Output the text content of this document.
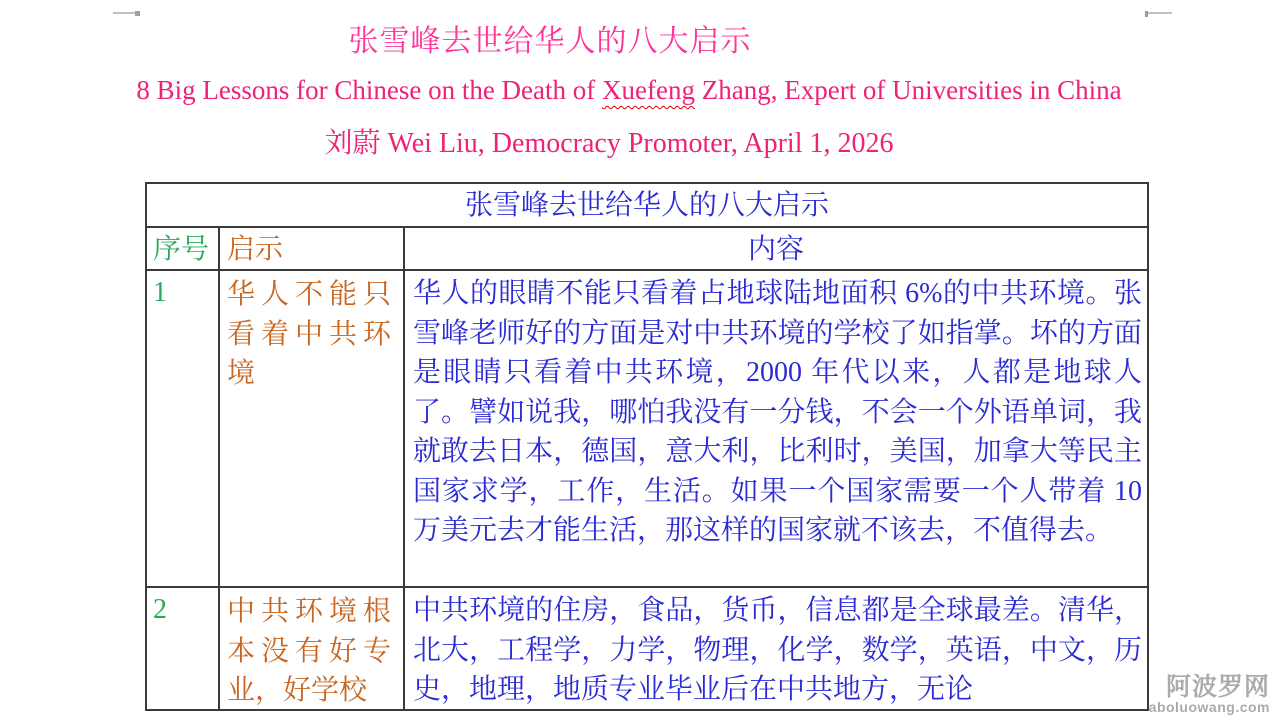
张雪峰去世给华人的八大启示
8 Big Lessons for Chinese on the Death of Xuefeng Zhang, Expert of Universities in China
刘蔚 Wei Liu, Democracy Promoter, April 1, 2026
张雪峰去世给华人的八大启示		
序号	启示	内容
1	华人不能只看着中共环境	华人的眼睛不能只看着占地球陆地面积 6%的中共环境。张雪峰老师好的方面是对中共环境的学校了如指掌。坏的方面是眼睛只看着中共环境，2000 年代以来，人都是地球人了。譬如说我，哪怕我没有一分钱，不会一个外语单词，我就敢去日本，德国，意大利，比利时，美国，加拿大等民主国家求学，工作，生活。如果一个国家需要一个人带着 10 万美元去才能生活，那这样的国家就不该去，不值得去。
2	中共环境根本没有好专业，好学校	中共环境的住房，食品，货币，信息都是全球最差。清华，北大，工程学，力学，物理，化学，数学，英语，中文，历史，地理，地质专业毕业后在中共地方，无论	阿波罗网
aboluowang.com
